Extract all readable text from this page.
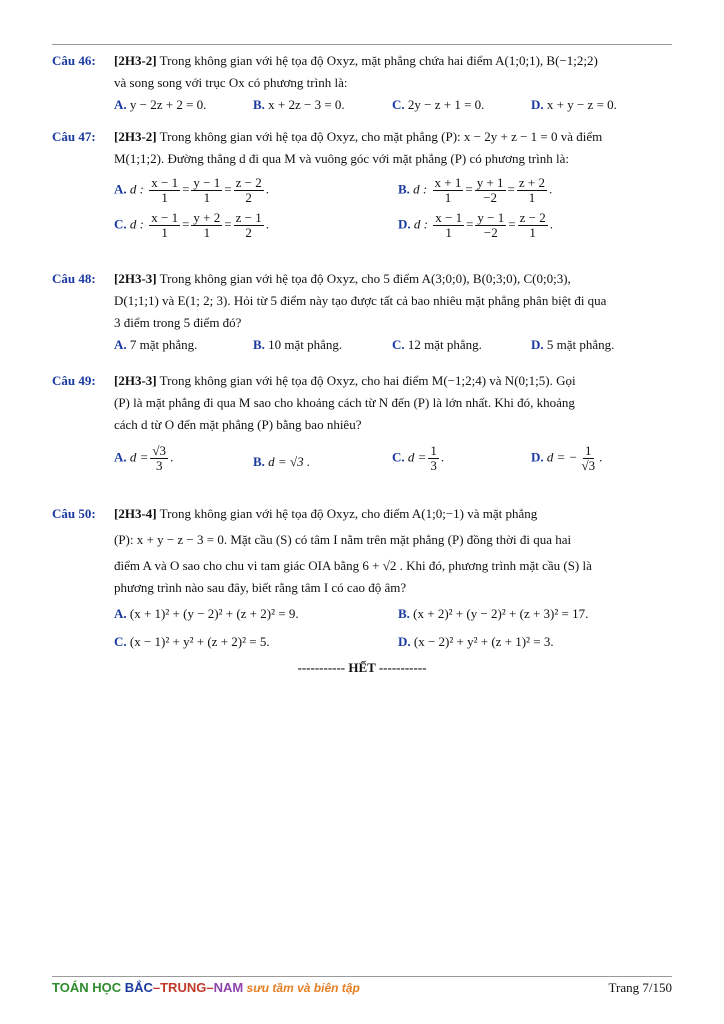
Câu 46:	[2H3-2] Trong không gian với hệ tọa độ Oxyz, mặt phẳng chứa hai điểm A(1;0;1), B(−1;2;2)
và song song với trục Ox có phương trình là:
A. y − 2z + 2 = 0.	B. x + 2z − 3 = 0.	C. 2y − z + 1 = 0.	D. x + y − z = 0.
Câu 47:	[2H3-2] Trong không gian với hệ tọa độ Oxyz, cho mặt phẳng (P): x − 2y + z − 1 = 0 và điểm
M(1;1;2). Đường thẳng d đi qua M và vuông góc với mặt phẳng (P) có phương trình là:
A. d : $\frac{x - 1}{1} = \frac{y - 1}{1} = \frac{z - 2}{2}$ .	B. d : $\frac{x + 1}{1} = \frac{y + 1}{-2} = \frac{z + 2}{1}$ .
C. d : $\frac{x - 1}{1} = \frac{y + 2}{1} = \frac{z - 1}{2}$ .	D. d : $\frac{x - 1}{1} = \frac{y - 1}{-2} = \frac{z - 2}{1}$ .
Câu 48:	[2H3-3] Trong không gian với hệ tọa độ Oxyz, cho 5 điểm A(3;0;0), B(0;3;0), C(0;0;3),
D(1;1;1) và E(1; 2; 3). Hỏi từ 5 điểm này tạo được tất cả bao nhiêu mặt phẳng phân biệt đi qua
3 điểm trong 5 điểm đó?
A. 7 mặt phẳng.	B. 10 mặt phẳng.	C. 12 mặt phẳng.	D. 5 mặt phẳng.
Câu 49:	[2H3-3] Trong không gian với hệ tọa độ Oxyz, cho hai điểm M(−1;2;4) và N(0;1;5). Gọi
(P) là mặt phẳng đi qua M sao cho khoảng cách từ N đến (P) là lớn nhất. Khi đó, khoảng
cách d từ O đến mặt phẳng (P) bằng bao nhiêu?
A. $d = \frac{√3}{3}$ .	B. d = √3 .	C. $d = \frac{1}{3}$ .	D. d = − $\frac{1}{√3}$ .
Câu 50:	[2H3-4] Trong không gian với hệ tọa độ Oxyz, cho điểm A(1;0;−1) và mặt phẳng
(P): x + y − z − 3 = 0. Mặt cầu (S) có tâm I nằm trên mặt phẳng (P) đồng thời đi qua hai
điểm A và O sao cho chu vi tam giác OIA bằng 6 + √2 . Khi đó, phương trình mặt cầu (S) là
phương trình nào sau đây, biết rằng tâm I có cao độ âm?
A. (x + 1)² + (y − 2)² + (z + 2)² = 9.	B. (x + 2)² + (y − 2)² + (z + 3)² = 17.
C. (x − 1)² + y² + (z + 2)² = 5.	D. (x − 2)² + y² + (z + 1)² = 3.
----------- HẾT -----------
TOÁN HỌC BẮC–TRUNG–NAM sưu tầm và biên tập	Trang 7/150
